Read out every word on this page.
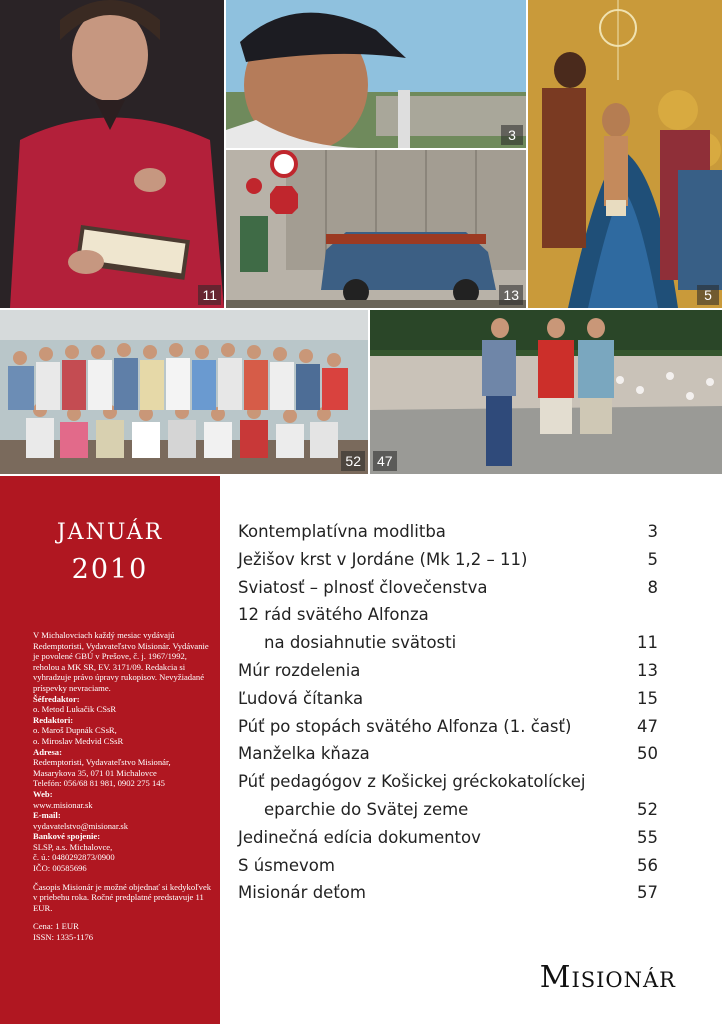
11
3
13	5
52 47
JANUÁR
2010

V Michalovciach každý mesiac vydávajú Redemptoristi, Vydavateľstvo Misionár. Vydávanie je povolené GBÚ v Prešove, č. j. 1967/1992, reholou a MK SR, EV. 3171/09. Redakcia si vyhradzuje právo úpravy rukopisov. Nevyžiadané príspevky nevraciame.

Šéfredaktor:

o. Metod Lukačik CSsR

Redaktori:

o. Maroš Dupnák CSsR,

o. Miroslav Medvid CSsR

Adresa:

Redemptoristi, Vydavateľstvo Misionár,

Masarykova 35, 071 01 Michalovce

Telefón: 056/68 81 981, 0902 275 145

Web:

www.misionar.sk

E-mail:

vydavatelstvo@misionar.sk

Bankové spojenie:

SLSP, a.s. Michalovce,

č. ú.: 0480292873/0900

IČO: 00585696

Časopis Misionár je možné objednať si kedykoľvek v priebehu roka. Ročné predplatné predstavuje 11 EUR.

Cena: 1 EUR

ISSN: 1335-1176

Kontemplatívna modlitba	3
Ježišov krst v Jordáne (Mk 1,2 – 11)	5
Sviatosť – plnosť človečenstva	8
12 rád svätého Alfonza
na dosiahnutie svätosti	11
Múr rozdelenia	13
Ľudová čítanka	15
Púť po stopách svätého Alfonza (1. časť)	47
Manželka kňaza	50
Púť pedagógov z Košickej gréckokatolíckej
eparchie do Svätej zeme	52
Jedinečná edícia dokumentov	55
S úsmevom	56
Misionár deťom	57
Misionár
